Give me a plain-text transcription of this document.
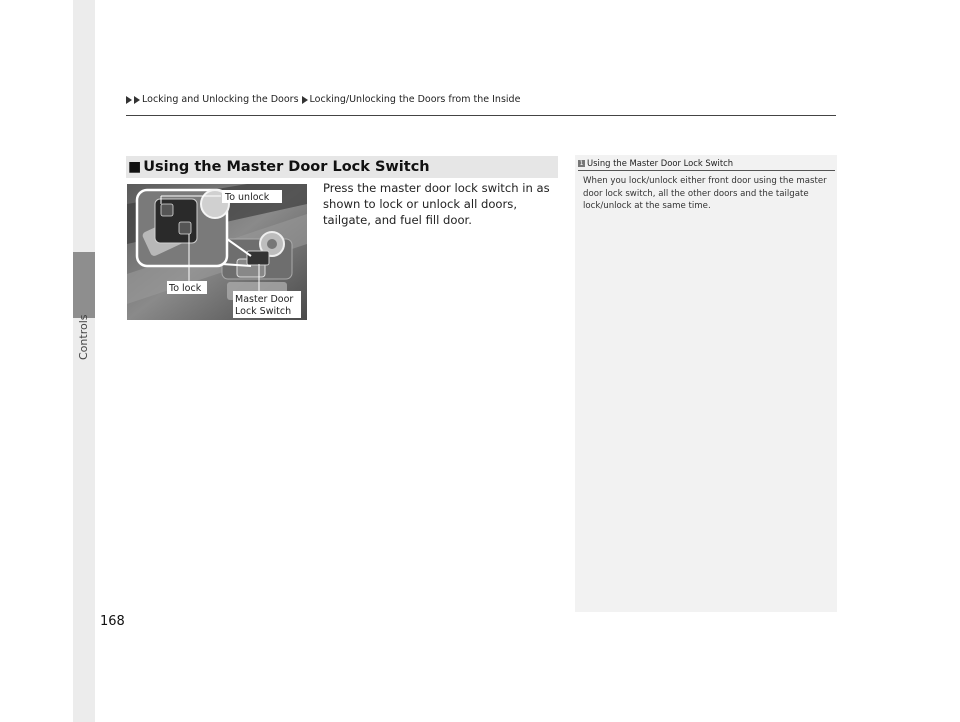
Controls
Locking and Unlocking the Doors Locking/Unlocking the Doors from the Inside
■ Using the Master Door Lock Switch
To unlock
To lock
Master Door
Lock Switch
Press the master door lock switch in as shown to lock or unlock all doors, tailgate, and fuel fill door.
1 Using the Master Door Lock Switch
When you lock/unlock either front door using the master door lock switch, all the other doors and the tailgate lock/unlock at the same time.
168
